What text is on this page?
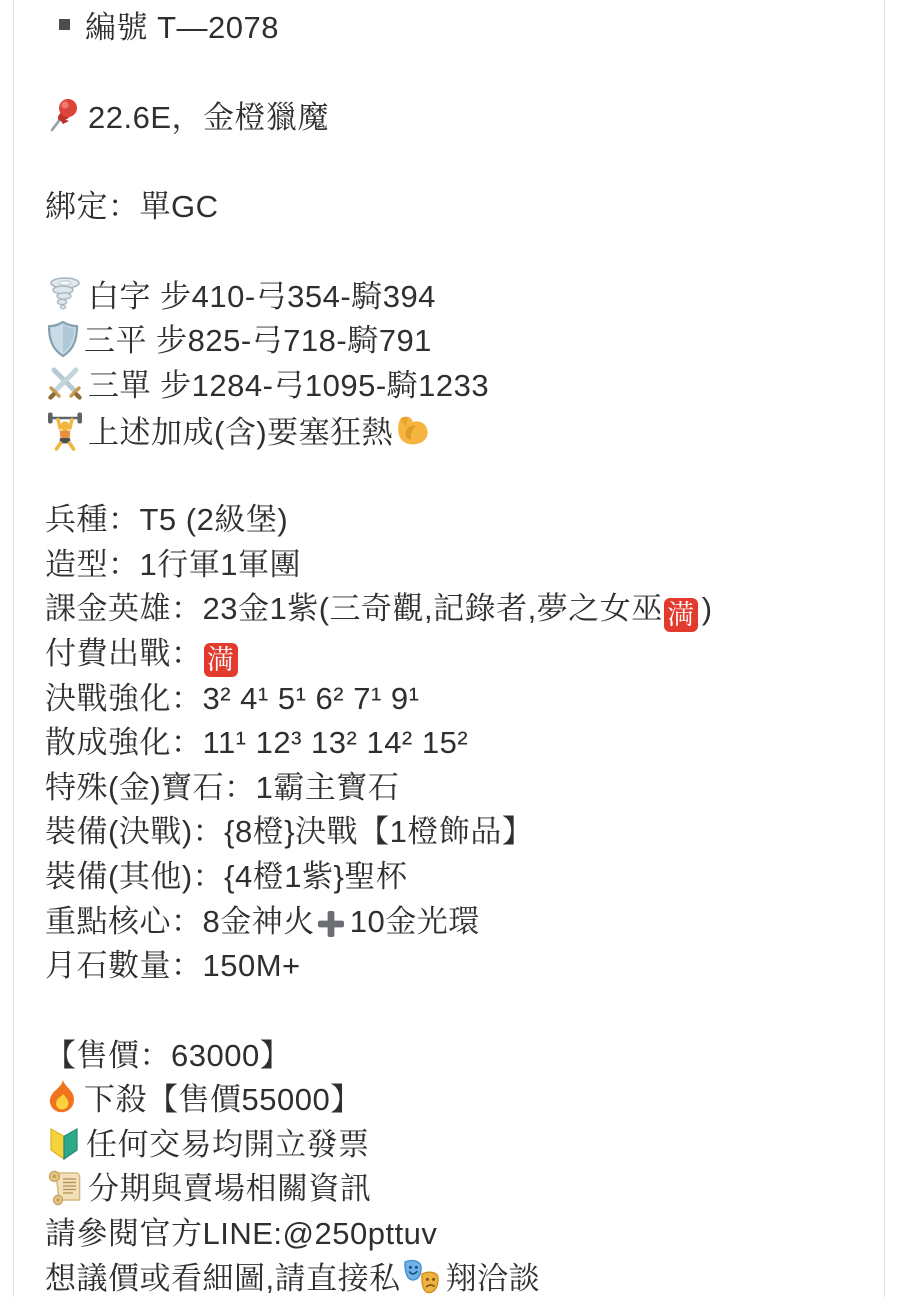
編號 T—2078
22.6E，金橙獵魔
綁定：單GC
白字 步410-弓354-騎394
三平 步825-弓718-騎791
三單 步1284-弓1095-騎1233
上述加成(含)要塞狂熱
兵種：T5 (2級堡)
造型：1行軍1軍團
課金英雄：23金1紫(三奇觀,記錄者,夢之女巫 満 )
付費出戰： 満
決戰強化：3² 4¹ 5¹ 6² 7¹ 9¹
散成強化：11¹ 12³ 13² 14² 15²
特殊(金)寶石：1霸主寶石
裝備(決戰)：{8橙}決戰【1橙飾品】
裝備(其他)：{4橙1紫}聖杯
重點核心：8金神火 10金光環
月石數量：150M+
【售價：63000】
下殺【售價55000】
任何交易均開立發票
分期與賣場相關資訊
請參閱官方LINE:@250pttuv
想議價或看細圖,請直接私 翔洽談
